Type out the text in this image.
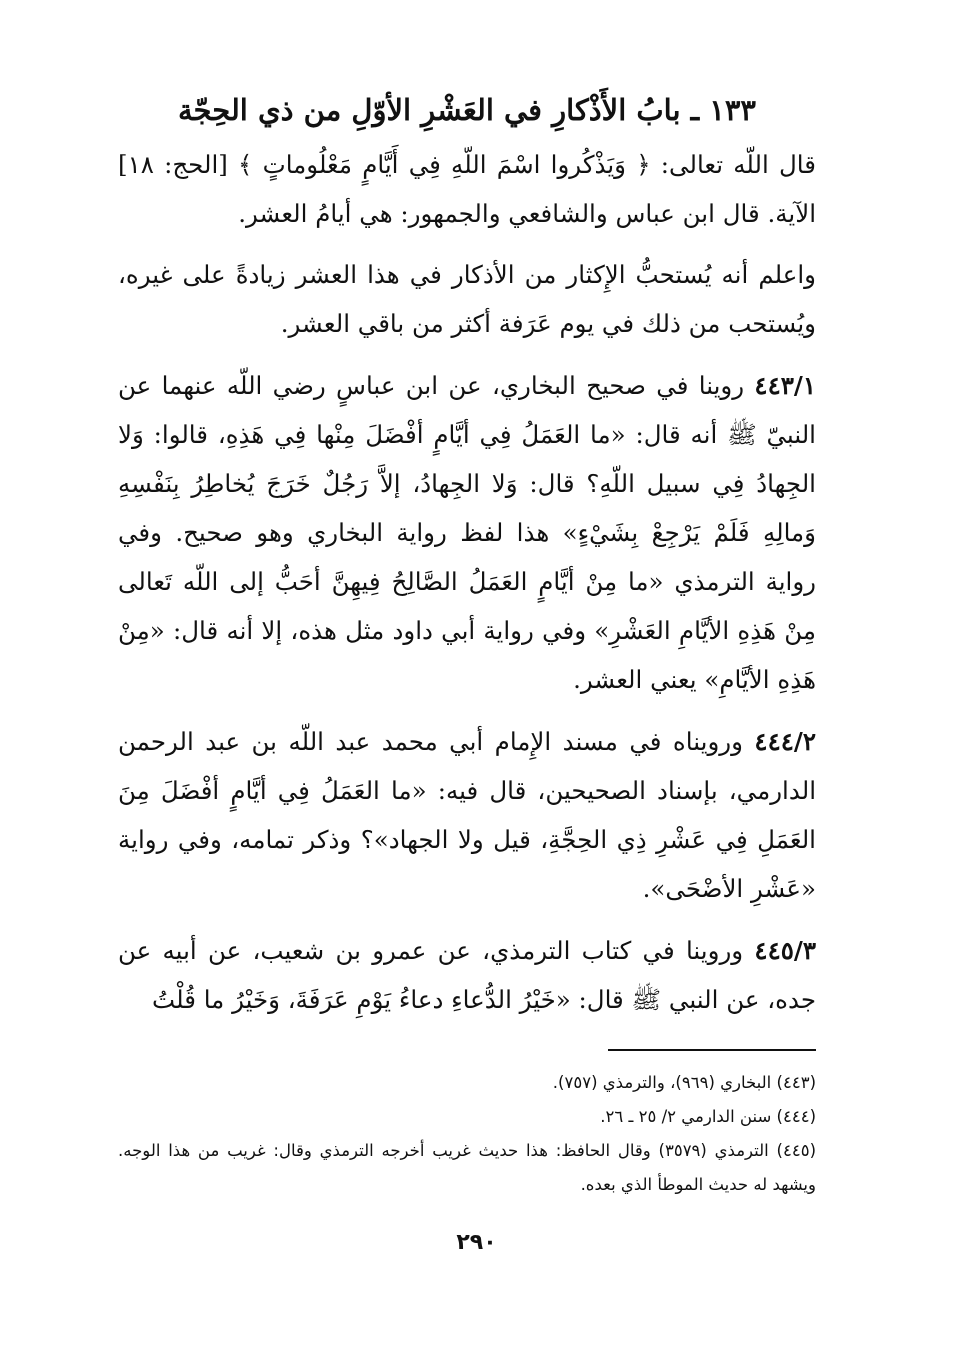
١٣٣ ـ بابُ الأَذْكارِ في العَشْرِ الأوّلِ من ذي الحِجّة

قال اللّه تعالى: ﴿ وَيَذْكُروا اسْمَ اللّهِ فِي أَيَّامٍ مَعْلُوماتٍ ﴾ [الحج: ١٨] الآية. قال ابن عباس والشافعي والجمهور: هي أيامُ العشر.

واعلم أنه يُستحبُّ الإِكثار من الأذكار في هذا العشر زيادةً على غيره، ويُستحب من ذلك في يوم عَرَفة أكثر من باقي العشر.

٤٤٣/١ روينا في صحيح البخاري، عن ابن عباسٍ رضي اللّه عنهما عن النبيّ ﷺ أنه قال: «ما العَمَلُ فِي أيَّامٍ أفْضَلَ مِنْها فِي هَذِهِ، قالوا: وَلا الجِهادُ فِي سبيل اللّهِ؟ قال: وَلا الجِهادُ، إلاَّ رَجُلٌ خَرَجَ يُخاطِرُ بِنَفْسِهِ وَمالِهِ فَلَمْ يَرْجِعْ بِشَيْءٍ» هذا لفظ رواية البخاري وهو صحيح. وفي رواية الترمذي «ما مِنْ أيَّامٍ العَمَلُ الصَّالِحُ فِيهِنَّ أحَبُّ إلى اللّه تَعالى مِنْ هَذِهِ الأيَّامِ العَشْرِ» وفي رواية أبي داود مثل هذه، إلا أنه قال: «مِنْ هَذِهِ الأيَّامِ» يعني العشر.

٤٤٤/٢ ورويناه في مسند الإِمام أبي محمد عبد اللّه بن عبد الرحمن الدارمي، بإسناد الصحيحين، قال فيه: «ما العَمَلُ فِي أيَّامٍ أفْضَلَ مِنَ العَمَلِ فِي عَشْرِ ذِي الحِجَّةِ، قيل ولا الجهاد»؟ وذكر تمامه، وفي رواية «عَشْرِ الأضْحَى».

٤٤٥/٣ وروينا في كتاب الترمذي، عن عمرو بن شعيب، عن أبيه عن جده، عن النبي ﷺ قال: «خَيْرُ الدُّعاءِ دعاءُ يَوْمِ عَرَفَةَ، وَخَيْرُ ما قُلْتُ

(٤٤٣) البخاري (٩٦٩)، والترمذي (٧٥٧).

(٤٤٤) سنن الدارمي ٢/ ٢٥ ـ ٢٦.

(٤٤٥) الترمذي (٣٥٧٩) وقال الحافظ: هذا حديث غريب أخرجه الترمذي وقال: غريب من هذا الوجه. ويشهد له حديث الموطأ الذي بعده.

٢٩٠
